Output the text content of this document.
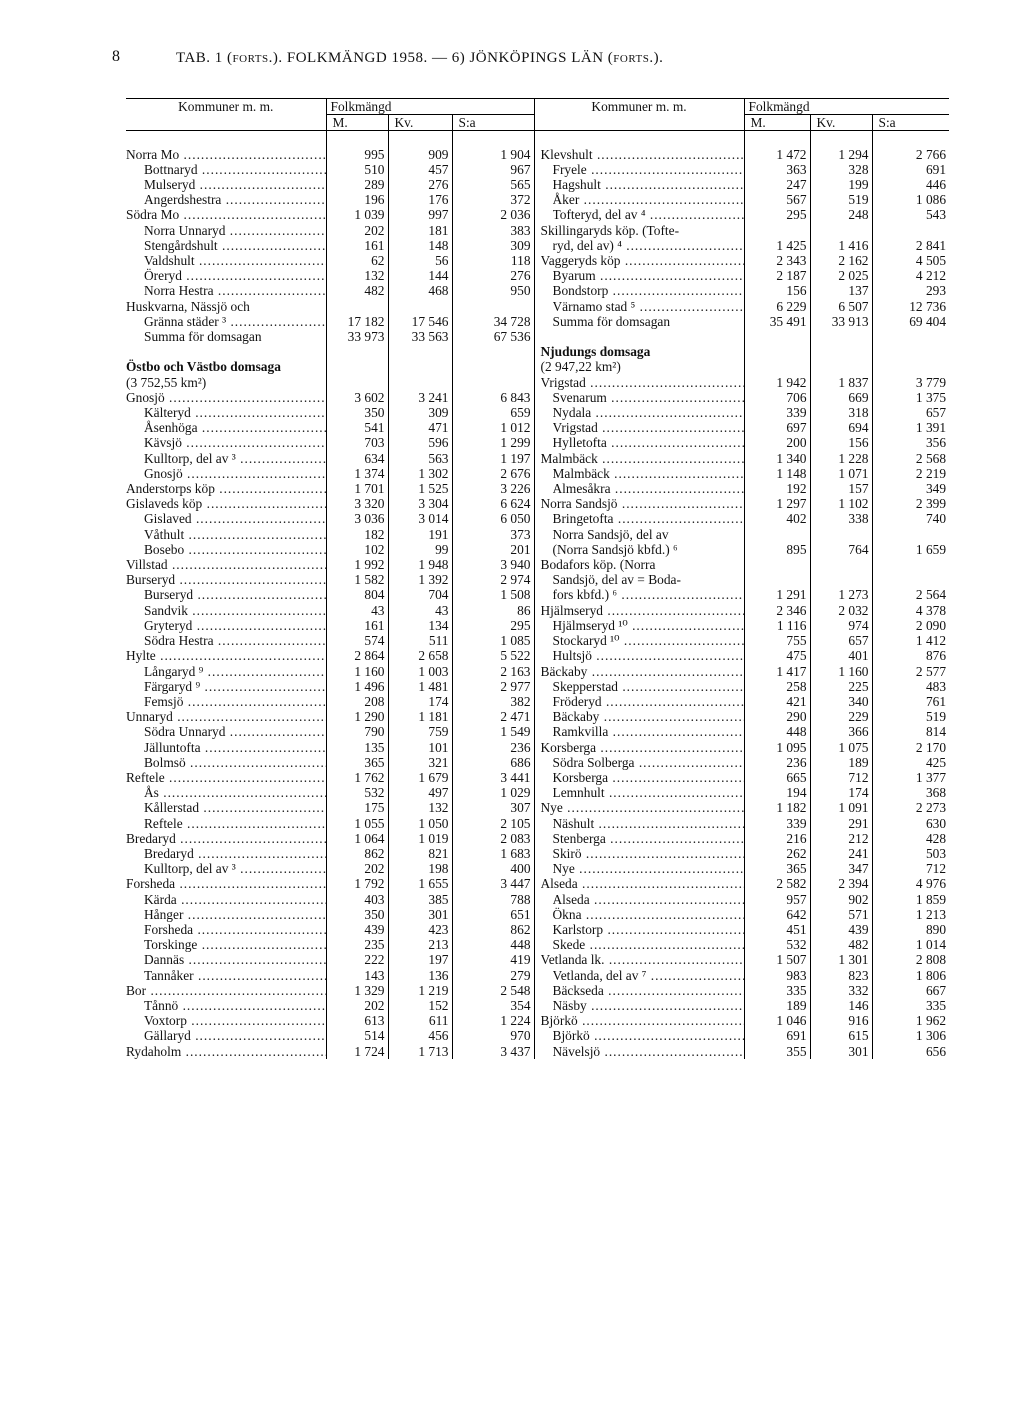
8	TAB. 1 (forts.). FOLKMÄNGD 1958. — 6) JÖNKÖPINGS LÄN (forts.).
Kommuner m. m.	Folkmängd			Kommuner m. m.	Folkmängd		
	M.	Kv.	S:a		M.	Kv.	S:a

Norra Mo .....	995	909	1 904	Klevshult .....	1 472	1 294	2 766

Bottnaryd .....	510	457	967	Fryele .....	363	328	691

Mulseryd .....	289	276	565	Hagshult .....	247	199	446

Angerdshestra .....	196	176	372	Åker .....	567	519	1 086

Södra Mo .....	1 039	997	2 036	Tofteryd, del av ⁴ .....	295	248	543

Norra Unnaryd .....	202	181	383	Skillingaryds köp. (Tofte-			

Stengårdshult .....	161	148	309	ryd, del av) ⁴ .....	1 425	1 416	2 841

Valdshult .....	62	56	118	Vaggeryds köp .....	2 343	2 162	4 505

Öreryd .....	132	144	276	Byarum .....	2 187	2 025	4 212

Norra Hestra .....	482	468	950	Bondstorp .....	156	137	293

Huskvarna, Nässjö och				Värnamo stad ⁵ .....	6 229	6 507	12 736

Gränna städer ³ .....	17 182	17 546	34 728	Summa för domsagan	35 491	33 913	69 404

Summa för domsagan	33 973	33 563	67 536	

				Njudungs domsaga			

Östbo och Västbo domsaga				(2 947,22 km²)			

(3 752,55 km²)				Vrigstad .....	1 942	1 837	3 779

Gnosjö .....	3 602	3 241	6 843	Svenarum .....	706	669	1 375

Kälteryd .....	350	309	659	Nydala .....	339	318	657

Åsenhöga .....	541	471	1 012	Vrigstad .....	697	694	1 391

Kävsjö .....	703	596	1 299	Hylletofta .....	200	156	356

Kulltorp, del av ³ .....	634	563	1 197	Malmbäck .....	1 340	1 228	2 568

Gnosjö .....	1 374	1 302	2 676	Malmbäck .....	1 148	1 071	2 219

Anderstorps köp .....	1 701	1 525	3 226	Almesåkra .....	192	157	349

Gislaveds köp .....	3 320	3 304	6 624	Norra Sandsjö .....	1 297	1 102	2 399

Gislaved .....	3 036	3 014	6 050	Bringetofta .....	402	338	740

Våthult .....	182	191	373	Norra Sandsjö, del av			

Bosebo .....	102	99	201	(Norra Sandsjö kbfd.) ⁶	895	764	1 659

Villstad .....	1 992	1 948	3 940	Bodafors köp. (Norra			

Burseryd .....	1 582	1 392	2 974	Sandsjö, del av = Boda-			

Burseryd .....	804	704	1 508	fors kbfd.) ⁶ .....	1 291	1 273	2 564

Sandvik .....	43	43	86	Hjälmseryd .....	2 346	2 032	4 378

Gryteryd .....	161	134	295	Hjälmseryd ¹⁰ .....	1 116	974	2 090

Södra Hestra .....	574	511	1 085	Stockaryd ¹⁰ .....	755	657	1 412

Hylte .....	2 864	2 658	5 522	Hultsjö .....	475	401	876

Långaryd ⁹ .....	1 160	1 003	2 163	Bäckaby .....	1 417	1 160	2 577

Färgaryd ⁹ .....	1 496	1 481	2 977	Skepperstad .....	258	225	483

Femsjö .....	208	174	382	Fröderyd .....	421	340	761

Unnaryd .....	1 290	1 181	2 471	Bäckaby .....	290	229	519

Södra Unnaryd .....	790	759	1 549	Ramkvilla .....	448	366	814

Jälluntofta .....	135	101	236	Korsberga .....	1 095	1 075	2 170

Bolmsö .....	365	321	686	Södra Solberga .....	236	189	425

Reftele .....	1 762	1 679	3 441	Korsberga .....	665	712	1 377

Ås .....	532	497	1 029	Lemnhult .....	194	174	368

Kållerstad .....	175	132	307	Nye .....	1 182	1 091	2 273

Reftele .....	1 055	1 050	2 105	Näshult .....	339	291	630

Bredaryd .....	1 064	1 019	2 083	Stenberga .....	216	212	428

Bredaryd .....	862	821	1 683	Skirö .....	262	241	503

Kulltorp, del av ³ .....	202	198	400	Nye .....	365	347	712

Forsheda .....	1 792	1 655	3 447	Alseda .....	2 582	2 394	4 976

Kärda .....	403	385	788	Alseda .....	957	902	1 859

Hånger .....	350	301	651	Ökna .....	642	571	1 213

Forsheda .....	439	423	862	Karlstorp .....	451	439	890

Torskinge .....	235	213	448	Skede .....	532	482	1 014

Dannäs .....	222	197	419	Vetlanda lk. .....	1 507	1 301	2 808

Tannåker .....	143	136	279	Vetlanda, del av ⁷ .....	983	823	1 806

Bor .....	1 329	1 219	2 548	Bäckseda .....	335	332	667

Tånnö .....	202	152	354	Näsby .....	189	146	335

Voxtorp .....	613	611	1 224	Björkö .....	1 046	916	1 962

Gällaryd .....	514	456	970	Björkö .....	691	615	1 306

Rydaholm .....	1 724	1 713	3 437	Nävelsjö .....	355	301	656
